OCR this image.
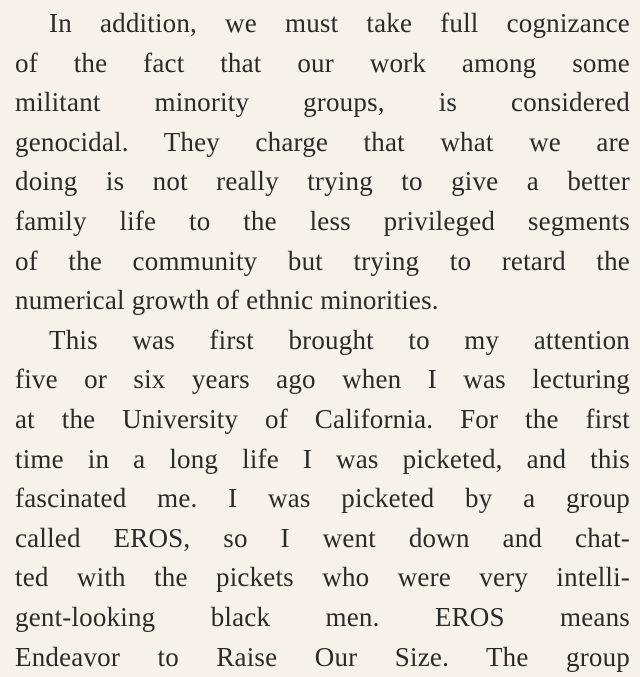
In addition, we must take full cognizance
of the fact that our work among some
militant minority groups, is considered
genocidal. They charge that what we are
doing is not really trying to give a better
family life to the less privileged segments
of the community but trying to retard the
numerical growth of ethnic minorities.
This was first brought to my attention
five or six years ago when I was lecturing
at the University of California. For the first
time in a long life I was picketed, and this
fascinated me. I was picketed by a group
called EROS, so I went down and chat-
ted with the pickets who were very intelli-
gent-looking black men. EROS means
Endeavor to Raise Our Size. The group
